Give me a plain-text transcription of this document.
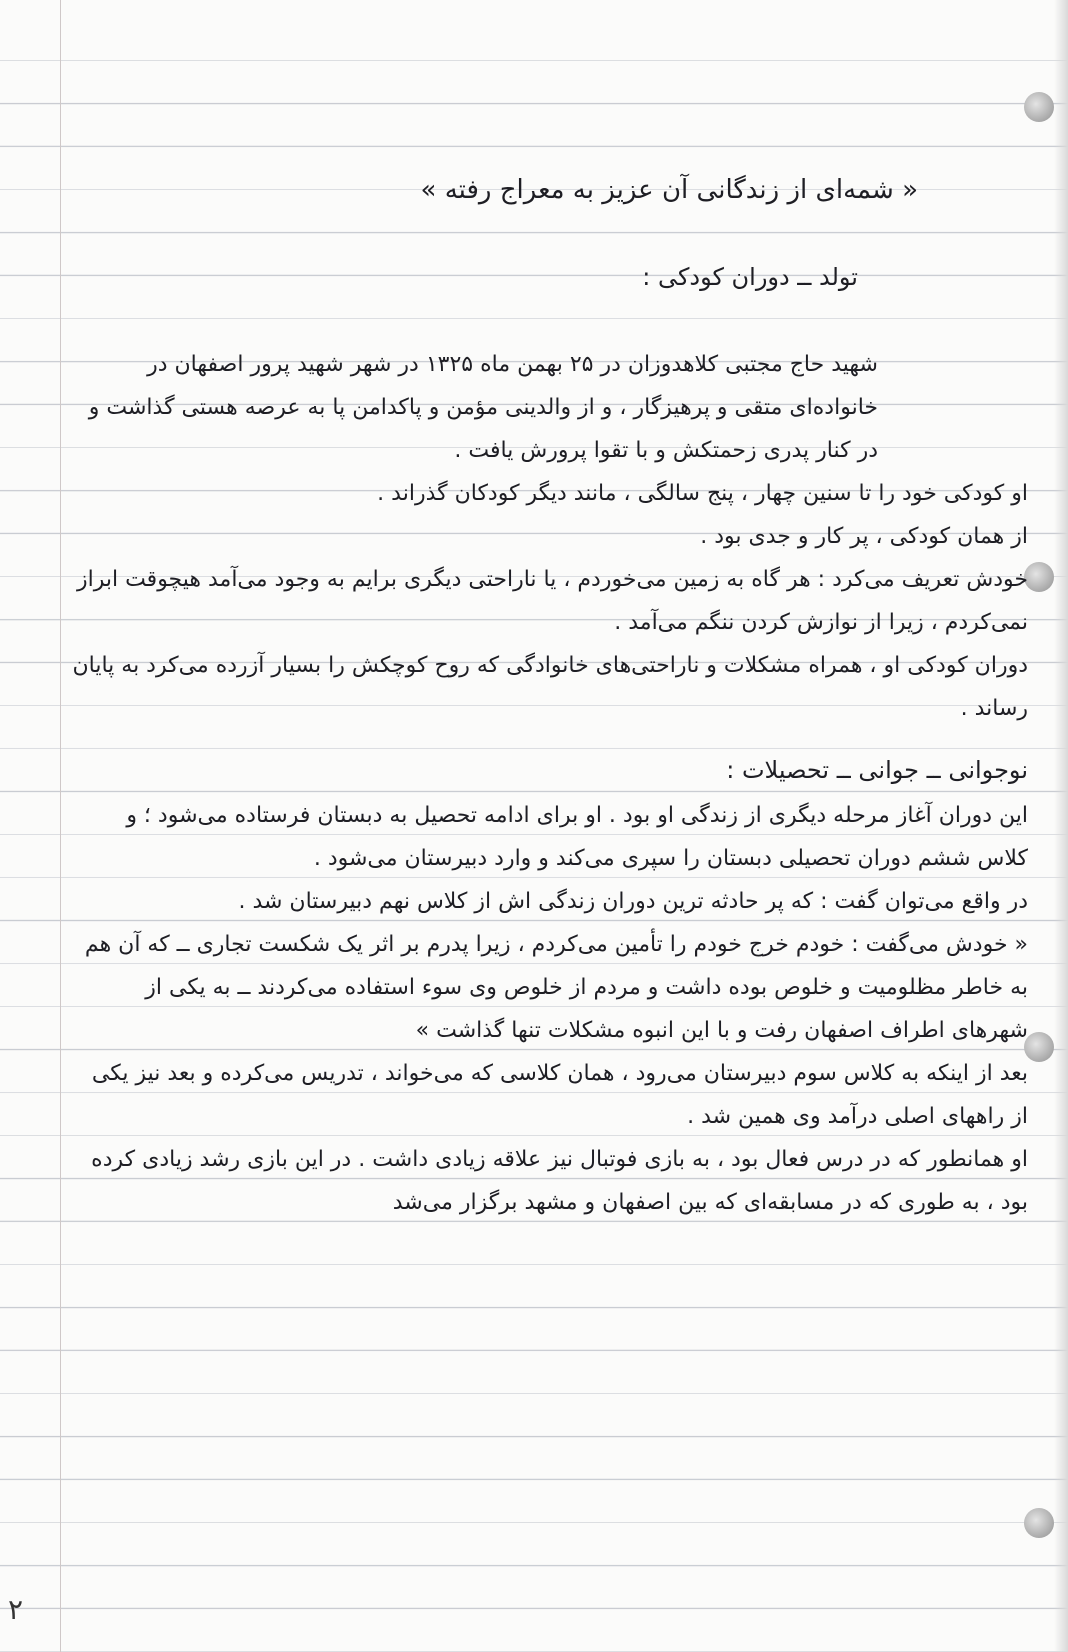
« شمه‌ای از زندگانی آن عزیز به معراج رفته »
تولد ــ دوران کودکی :

شهید حاج مجتبی کلاهدوزان در ۲۵ بهمن ماه ۱۳۲۵ در شهر شهید پرور اصفهان در خانواده‌ای متقی و پرهیزگار ، و از والدینی مؤمن و پاکدامن پا به عرصه هستی گذاشت و در کنار پدری زحمتکش و با تقوا پرورش یافت .

او کودکی خود را تا سنین چهار ، پنج سالگی ، مانند دیگر کودکان گذراند .

از همان کودکی ، پر کار و جدی بود .

خودش تعریف می‌کرد : هر گاه به زمین می‌خوردم ، یا ناراحتی دیگری برایم به وجود می‌آمد هیچوقت ابراز نمی‌کردم ، زیرا از نوازش کردن ننگم می‌آمد .

دوران کودکی او ، همراه مشکلات و ناراحتی‌های خانوادگی که روح کوچکش را بسیار آزرده می‌کرد به پایان رساند .

نوجوانی ــ جوانی ــ تحصیلات :

این دوران آغاز مرحله دیگری از زندگی او بود . او برای ادامه تحصیل به دبستان فرستاده می‌شود ؛ و کلاس ششم دوران تحصیلی دبستان را سپری می‌کند و وارد دبیرستان می‌شود .

در واقع می‌توان گفت : که پر حادثه ترین دوران زندگی اش از کلاس نهم دبیرستان شد .

« خودش می‌گفت : خودم خرج خودم را تأمین می‌کردم ، زیرا پدرم بر اثر یک شکست تجاری ــ که آن هم به خاطر مظلومیت و خلوص بوده داشت و مردم از خلوص وی سوء استفاده می‌کردند ــ به یکی از شهرهای اطراف اصفهان رفت و با این انبوه مشکلات تنها گذاشت »

بعد از اینکه به کلاس سوم دبیرستان می‌رود ، همان کلاسی که می‌خواند ، تدریس می‌کرده و بعد نیز یکی از راههای اصلی درآمد وی همین شد .

او همانطور که در درس فعال بود ، به بازی فوتبال نیز علاقه زیادی داشت . در این بازی رشد زیادی کرده بود ، به طوری که در مسابقه‌ای که بین اصفهان و مشهد برگزار می‌شد

۲
